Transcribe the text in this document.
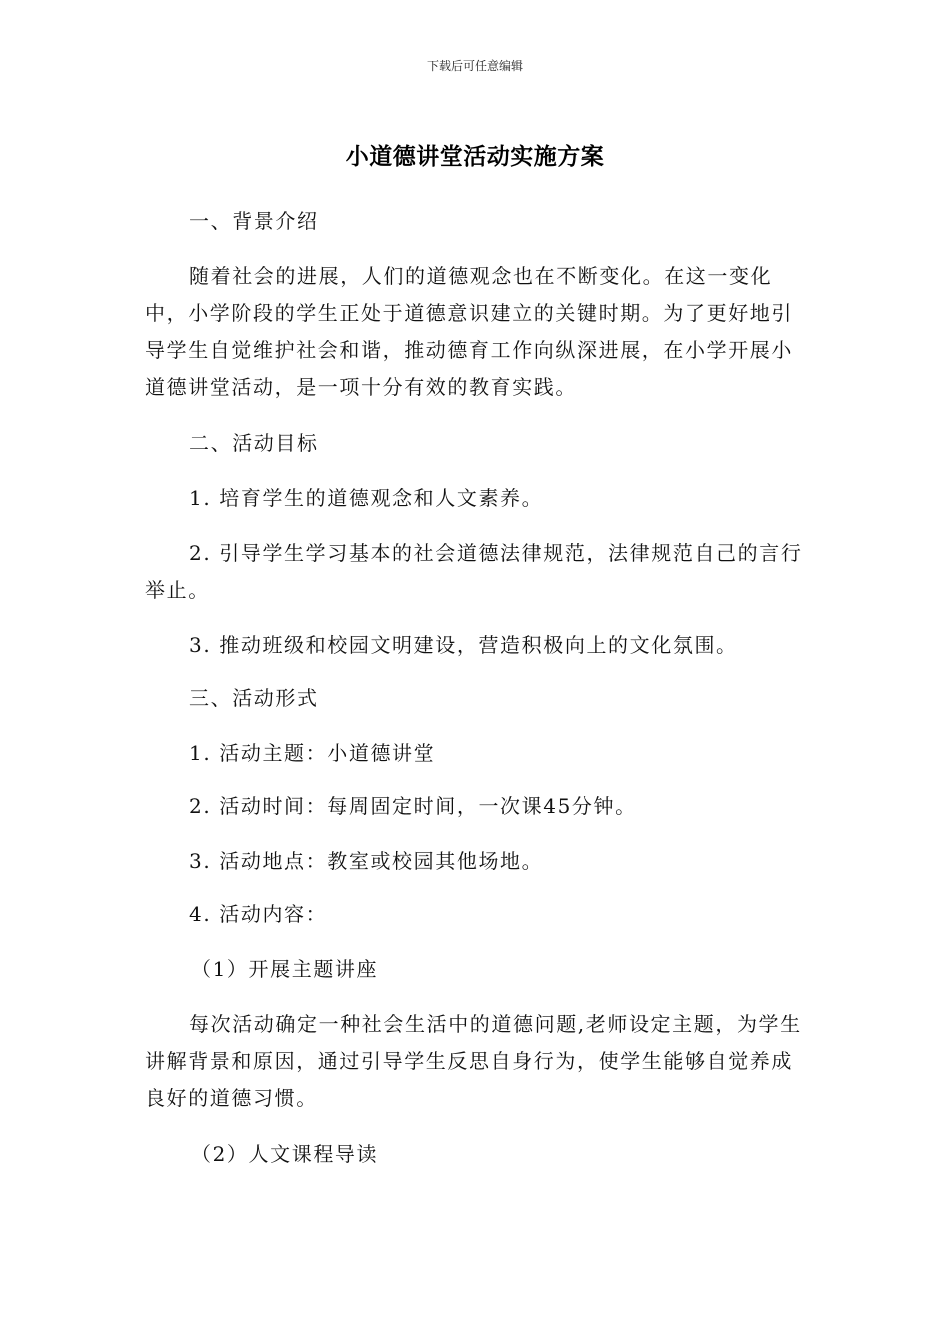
下载后可任意编辑
小道德讲堂活动实施方案

一、背景介绍

随着社会的进展，人们的道德观念也在不断变化。在这一变化中，小学阶段的学生正处于道德意识建立的关键时期。为了更好地引导学生自觉维护社会和谐，推动德育工作向纵深进展，在小学开展小道德讲堂活动，是一项十分有效的教育实践。

二、活动目标

1. 培育学生的道德观念和人文素养。

2. 引导学生学习基本的社会道德法律规范，法律规范自己的言行举止。

3. 推动班级和校园文明建设，营造积极向上的文化氛围。

三、活动形式

1. 活动主题：小道德讲堂

2. 活动时间：每周固定时间，一次课45分钟。

3. 活动地点：教室或校园其他场地。

4. 活动内容：

（1）开展主题讲座

每次活动确定一种社会生活中的道德问题,老师设定主题，为学生讲解背景和原因，通过引导学生反思自身行为，使学生能够自觉养成良好的道德习惯。

（2）人文课程导读
